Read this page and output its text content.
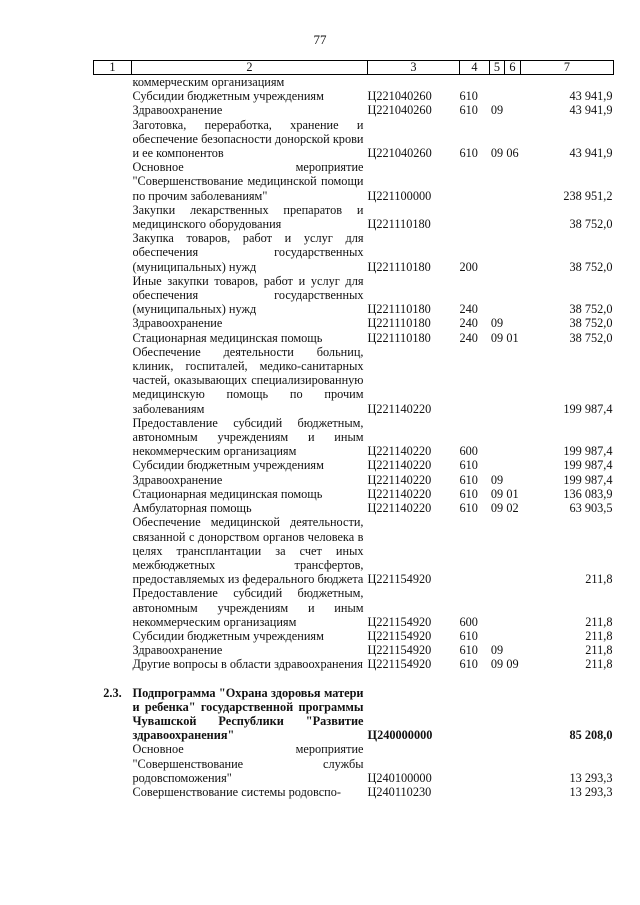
77
1	2	3	4	5	6	7
	коммерческим организациям					
	Субсидии бюджетным учреждениям	Ц221040260	610			43 941,9
	Здравоохранение	Ц221040260	610	09		43 941,9
	Заготовка, переработка, хранение и обеспечение безопасности донорской крови и ее компонентов	Ц221040260	610	09	06	43 941,9
	Основное мероприятие "Совершенствование медицинской помощи по прочим заболеваниям"	Ц221100000				238 951,2
	Закупки лекарственных препаратов и медицинского оборудования	Ц221110180				38 752,0
	Закупка товаров, работ и услуг для обеспечения государственных (муниципальных) нужд	Ц221110180	200			38 752,0
	Иные закупки товаров, работ и услуг для обеспечения государственных (муниципальных) нужд	Ц221110180	240			38 752,0
	Здравоохранение	Ц221110180	240	09		38 752,0
	Стационарная медицинская помощь	Ц221110180	240	09	01	38 752,0
	Обеспечение деятельности больниц, клиник, госпиталей, медико-санитарных частей, оказывающих специализированную медицинскую помощь по прочим заболеваниям	Ц221140220				199 987,4
	Предоставление субсидий бюджетным, автономным учреждениям и иным некоммерческим организациям	Ц221140220	600			199 987,4
	Субсидии бюджетным учреждениям	Ц221140220	610			199 987,4
	Здравоохранение	Ц221140220	610	09		199 987,4
	Стационарная медицинская помощь	Ц221140220	610	09	01	136 083,9
	Амбулаторная помощь	Ц221140220	610	09	02	63 903,5
	Обеспечение медицинской деятельности, связанной с донорством органов человека в целях трансплантации за счет иных межбюджетных трансфертов, предоставляемых из федерального бюджета	Ц221154920				211,8
	Предоставление субсидий бюджетным, автономным учреждениям и иным некоммерческим организациям	Ц221154920	600			211,8
	Субсидии бюджетным учреждениям	Ц221154920	610			211,8
	Здравоохранение	Ц221154920	610	09		211,8
	Другие вопросы в области здравоохранения	Ц221154920	610	09	09	211,8
2.3.	Подпрограмма "Охрана здоровья матери и ребенка" государственной программы Чувашской Республики "Развитие здравоохранения"	Ц240000000				85 208,0
	Основное мероприятие "Совершенствование службы родовспоможения"	Ц240100000				13 293,3
	Совершенствование системы родовспо-	Ц240110230				13 293,3
